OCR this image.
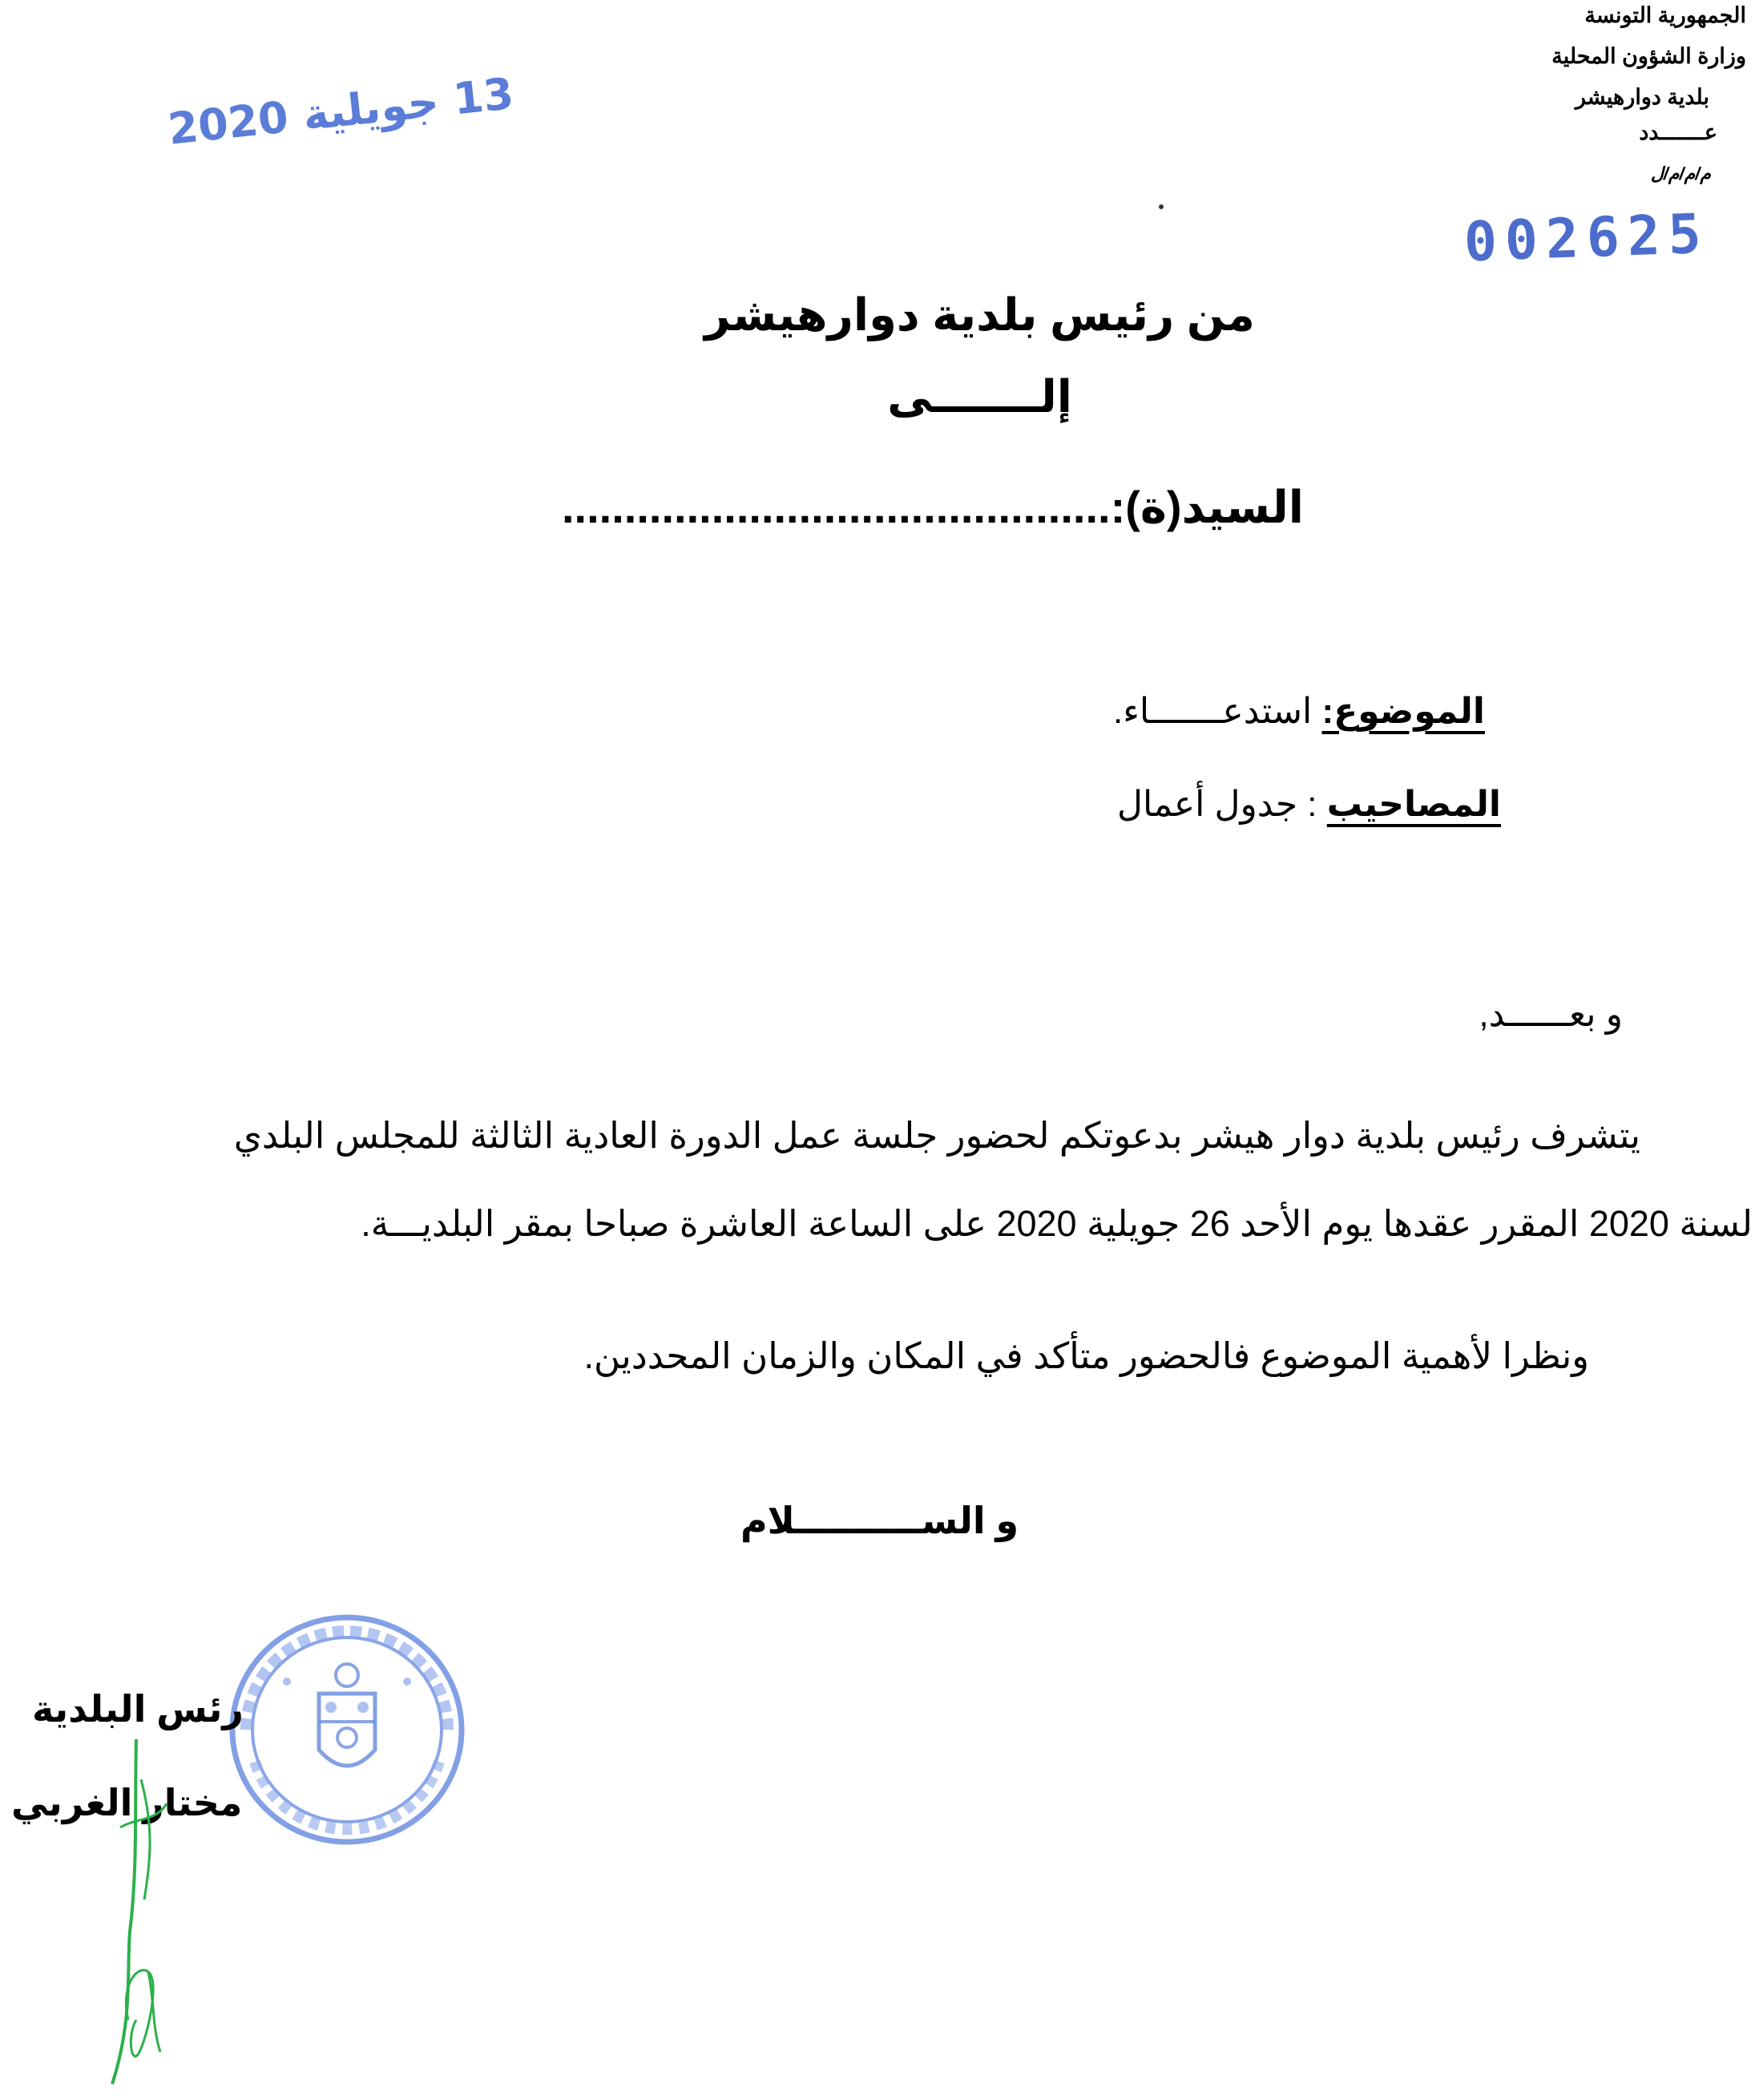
الجمهورية التونسة
وزارة الشؤون المحلية
بلدية دوارهيشر
عـــــــدد
م/م/م/ل
002625
13 جويلية 2020
من رئيس بلدية دوارهيشر
إلـــــــى
السيد(ة):............................................
الموضوع: استدعـــــــاء.
المصاحيب : جدول أعمال
و بعــــــد,
يتشرف رئيس بلدية دوار هيشر بدعوتكم لحضور جلسة عمل الدورة العادية الثالثة للمجلس البلدي
لسنة 2020 المقرر عقدها يوم الأحد 26 جويلية 2020 على الساعة العاشرة صباحا بمقر البلديـــة.
ونظرا لأهمية الموضوع فالحضور متأكد في المكان والزمان المحددين.
و الســــــــــلام
رئس البلدية
مختار الغربي
